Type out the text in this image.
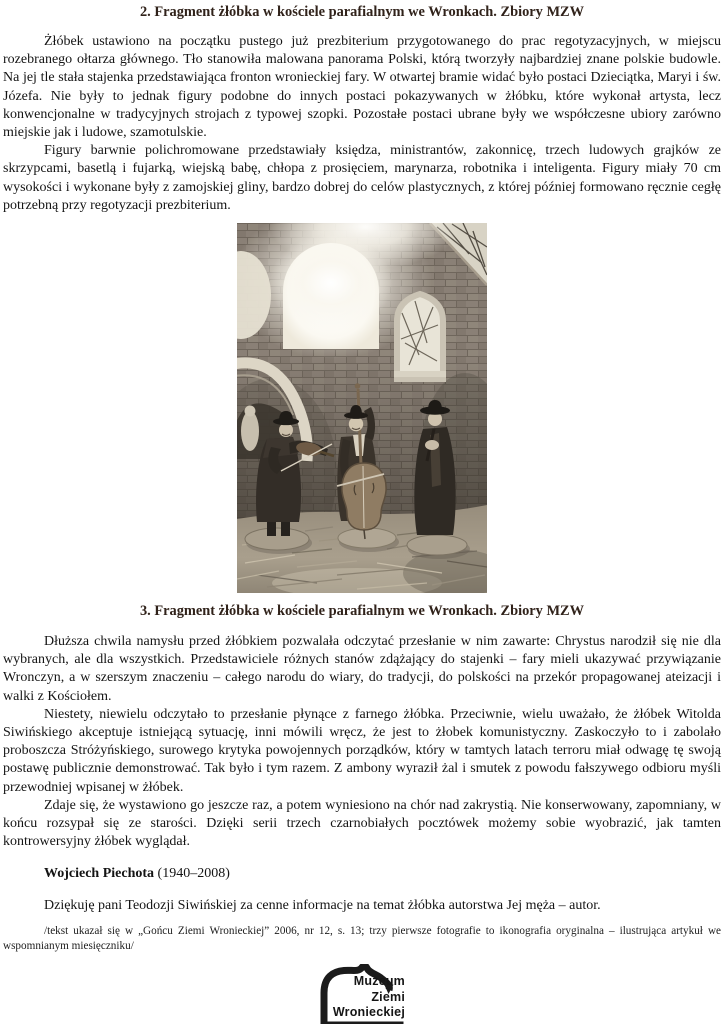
2. Fragment żłóbka w kościele parafialnym we Wronkach. Zbiory MZW

Żłóbek ustawiono na początku pustego już prezbiterium przygotowanego do prac regotyzacyjnych, w miejscu rozebranego ołtarza głównego. Tło stanowiła malowana panorama Polski, którą tworzyły najbardziej znane polskie budowle. Na jej tle stała stajenka przedstawiająca fronton wronieckiej fary. W otwartej bramie widać było postaci Dzieciątka, Maryi i św. Józefa. Nie były to jednak figury podobne do innych postaci pokazywanych w żłóbku, które wykonał artysta, lecz konwencjonalne w tradycyjnych strojach z typowej szopki. Pozostałe postaci ubrane były we współczesne ubiory zarówno miejskie jak i ludowe, szamotulskie.

Figury barwnie polichromowane przedstawiały księdza, ministrantów, zakonnicę, trzech ludowych grajków ze skrzypcami, basetlą i fujarką, wiejską babę, chłopa z prosięciem, marynarza, robotnika i inteligenta. Figury miały 70 cm wysokości i wykonane były z zamojskiej gliny, bardzo dobrej do celów plastycznych, z której później formowano ręcznie cegłę potrzebną przy regotyzacji prezbiterium.

3. Fragment żłóbka w kościele parafialnym we Wronkach. Zbiory MZW

Dłuższa chwila namysłu przed żłóbkiem pozwalała odczytać przesłanie w nim zawarte: Chrystus narodził się nie dla wybranych, ale dla wszystkich. Przedstawiciele różnych stanów zdążający do stajenki – fary mieli ukazywać przywiązanie Wronczyn, a w szerszym znaczeniu – całego narodu do wiary, do tradycji, do polskości na przekór propagowanej ateizacji i walki z Kościołem.

Niestety, niewielu odczytało to przesłanie płynące z farnego żłóbka. Przeciwnie, wielu uważało, że żłóbek Witolda Siwińskiego akceptuje istniejącą sytuację, inni mówili wręcz, że jest to żłobek komunistyczny. Zaskoczyło to i zabolało proboszcza Stróżyńskiego, surowego krytyka powojennych porządków, który w tamtych latach terroru miał odwagę tę swoją postawę publicznie demonstrować. Tak było i tym razem. Z ambony wyraził żal i smutek z powodu fałszywego odbioru myśli przewodniej wpisanej w żłóbek.

Zdaje się, że wystawiono go jeszcze raz, a potem wyniesiono na chór nad zakrystią. Nie konserwowany, zapomniany, w końcu rozsypał się ze starości. Dzięki serii trzech czarnobiałych pocztówek możemy sobie wyobrazić, jak tamten kontrowersyjny żłóbek wyglądał.

Wojciech Piechota (1940–2008)

Dziękuję pani Teodozji Siwińskiej za cenne informacje na temat żłóbka autorstwa Jej męża – autor.

/tekst ukazał się w „Gońcu Ziemi Wronieckiej” 2006, nr 12, s. 13; trzy pierwsze fotografie to ikonografia oryginalna – ilustrująca artykuł we wspomnianym miesięczniku/

Muzeum
Ziemi
Wronieckiej
